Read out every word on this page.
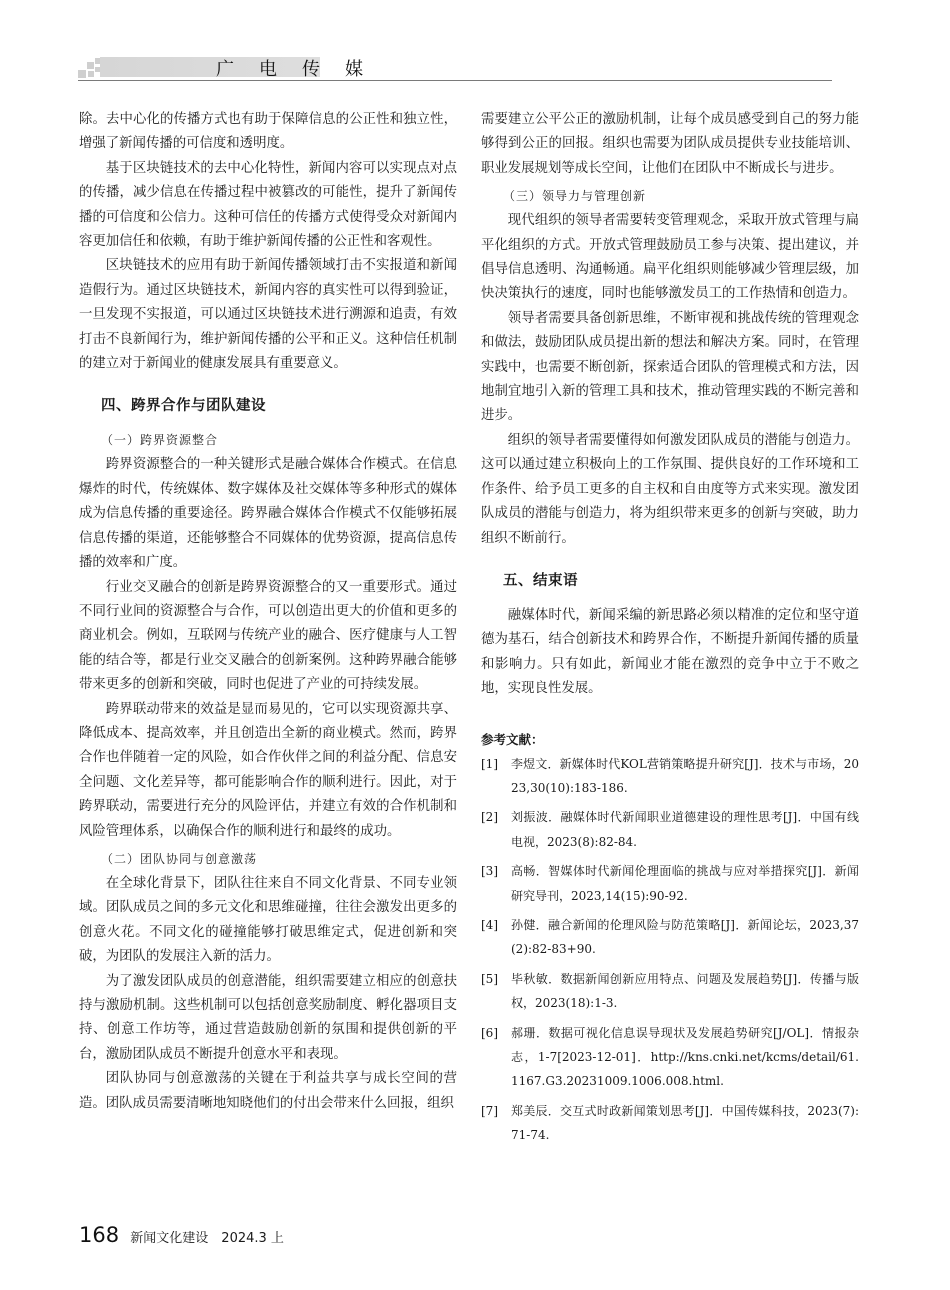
广电传媒

除。去中心化的传播方式也有助于保障信息的公正性和独立性，增强了新闻传播的可信度和透明度。

基于区块链技术的去中心化特性，新闻内容可以实现点对点的传播，减少信息在传播过程中被篡改的可能性，提升了新闻传播的可信度和公信力。这种可信任的传播方式使得受众对新闻内容更加信任和依赖，有助于维护新闻传播的公正性和客观性。

区块链技术的应用有助于新闻传播领域打击不实报道和新闻造假行为。通过区块链技术，新闻内容的真实性可以得到验证，一旦发现不实报道，可以通过区块链技术进行溯源和追责，有效打击不良新闻行为，维护新闻传播的公平和正义。这种信任机制的建立对于新闻业的健康发展具有重要意义。

四、跨界合作与团队建设
（一）跨界资源整合

跨界资源整合的一种关键形式是融合媒体合作模式。在信息爆炸的时代，传统媒体、数字媒体及社交媒体等多种形式的媒体成为信息传播的重要途径。跨界融合媒体合作模式不仅能够拓展信息传播的渠道，还能够整合不同媒体的优势资源，提高信息传播的效率和广度。

行业交叉融合的创新是跨界资源整合的又一重要形式。通过不同行业间的资源整合与合作，可以创造出更大的价值和更多的商业机会。例如，互联网与传统产业的融合、医疗健康与人工智能的结合等，都是行业交叉融合的创新案例。这种跨界融合能够带来更多的创新和突破，同时也促进了产业的可持续发展。

跨界联动带来的效益是显而易见的，它可以实现资源共享、降低成本、提高效率，并且创造出全新的商业模式。然而，跨界合作也伴随着一定的风险，如合作伙伴之间的利益分配、信息安全问题、文化差异等，都可能影响合作的顺利进行。因此，对于跨界联动，需要进行充分的风险评估，并建立有效的合作机制和风险管理体系，以确保合作的顺利进行和最终的成功。

（二）团队协同与创意激荡

在全球化背景下，团队往往来自不同文化背景、不同专业领域。团队成员之间的多元文化和思维碰撞，往往会激发出更多的创意火花。不同文化的碰撞能够打破思维定式，促进创新和突破，为团队的发展注入新的活力。

为了激发团队成员的创意潜能，组织需要建立相应的创意扶持与激励机制。这些机制可以包括创意奖励制度、孵化器项目支持、创意工作坊等，通过营造鼓励创新的氛围和提供创新的平台，激励团队成员不断提升创意水平和表现。

团队协同与创意激荡的关键在于利益共享与成长空间的营造。团队成员需要清晰地知晓他们的付出会带来什么回报，组织

需要建立公平公正的激励机制，让每个成员感受到自己的努力能够得到公正的回报。组织也需要为团队成员提供专业技能培训、职业发展规划等成长空间，让他们在团队中不断成长与进步。

（三）领导力与管理创新

现代组织的领导者需要转变管理观念，采取开放式管理与扁平化组织的方式。开放式管理鼓励员工参与决策、提出建议，并倡导信息透明、沟通畅通。扁平化组织则能够减少管理层级，加快决策执行的速度，同时也能够激发员工的工作热情和创造力。

领导者需要具备创新思维，不断审视和挑战传统的管理观念和做法，鼓励团队成员提出新的想法和解决方案。同时，在管理实践中，也需要不断创新，探索适合团队的管理模式和方法，因地制宜地引入新的管理工具和技术，推动管理实践的不断完善和进步。

组织的领导者需要懂得如何激发团队成员的潜能与创造力。这可以通过建立积极向上的工作氛围、提供良好的工作环境和工作条件、给予员工更多的自主权和自由度等方式来实现。激发团队成员的潜能与创造力，将为组织带来更多的创新与突破，助力组织不断前行。

五、结束语

融媒体时代，新闻采编的新思路必须以精准的定位和坚守道德为基石，结合创新技术和跨界合作，不断提升新闻传播的质量和影响力。只有如此，新闻业才能在激烈的竞争中立于不败之地，实现良性发展。

参考文献：
[1]	李煜文．新媒体时代KOL营销策略提升研究[J]．技术与市场，2023,30(10):183-186.
[2]	刘振波．融媒体时代新闻职业道德建设的理性思考[J]．中国有线电视，2023(8):82-84.
[3]	高畅．智媒体时代新闻伦理面临的挑战与应对举措探究[J]．新闻研究导刊，2023,14(15):90-92.
[4]	孙健．融合新闻的伦理风险与防范策略[J]．新闻论坛，2023,37(2):82-83+90.
[5]	毕秋敏．数据新闻创新应用特点、问题及发展趋势[J]．传播与版权，2023(18):1-3.
[6]	郝珊．数据可视化信息误导现状及发展趋势研究[J/OL]．情报杂志，1-7[2023-12-01]．http://kns.cnki.net/kcms/detail/61.1167.G3.20231009.1006.008.html.
[7]	郑美辰．交互式时政新闻策划思考[J]．中国传媒科技，2023(7):71-74.
168 新闻文化建设 2024.3 上
